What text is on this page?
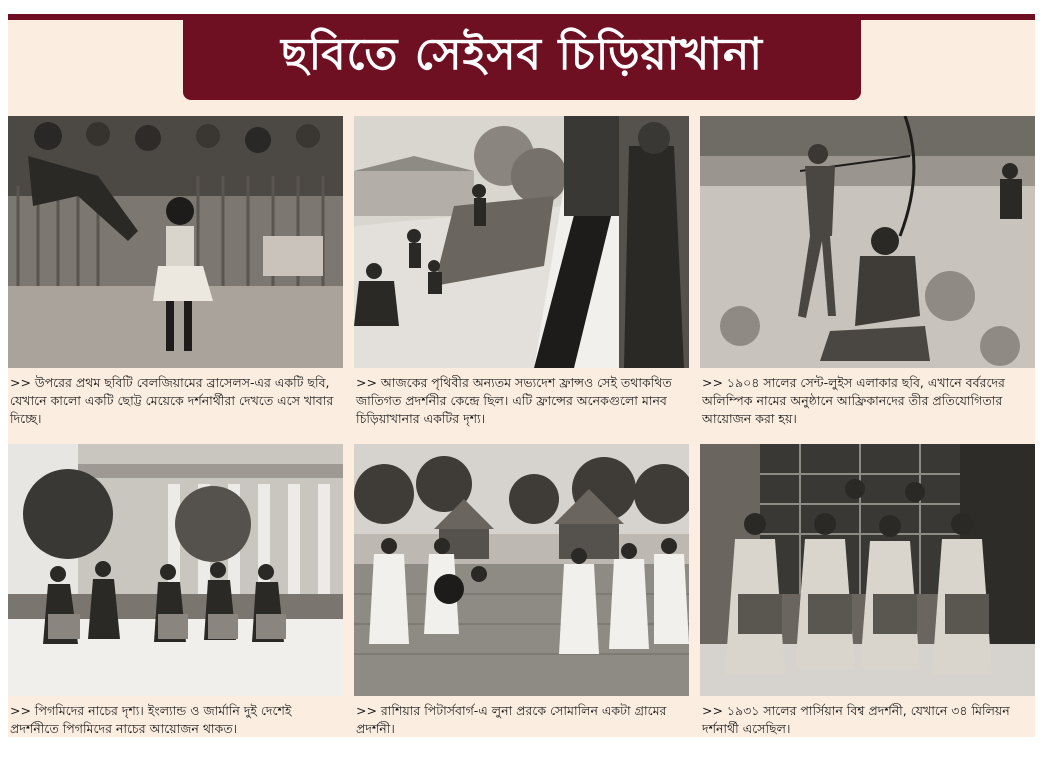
ছবিতে সেইসব চিড়িয়াখানা
>> উপরের প্রথম ছবিটি বেলজিয়ামের ব্রাসেলস-এর একটি ছবি, যেখানে কালো একটি ছোট্ট মেয়েকে দর্শনার্থীরা দেখতে এসে খাবার দিচ্ছে।
>> আজকের পৃথিবীর অন্যতম সভ্যদেশ ফ্রান্সও সেই তথাকথিত জাতিগত প্রদর্শনীর কেন্দ্রে ছিল। এটি ফ্রান্সের অনেকগুলো মানব চিড়িয়াখানার একটির দৃশ্য।
>> ১৯০৪ সালের সেন্ট-লুইস এলাকার ছবি, এখানে বর্বরদের অলিম্পিক নামের অনুষ্ঠানে আফ্রিকানদের তীর প্রতিযোগিতার আয়োজন করা হয়।
>> পিগমিদের নাচের দৃশ্য। ইংল্যান্ড ও জার্মানি দুই দেশেই প্রদর্শনীতে পিগমিদের নাচের আয়োজন থাকত।
>> রাশিয়ার পিটার্সবার্গ-এ লুনা প্ররকে সোমালিন একটা গ্রামের প্রদর্শনী।
>> ১৯৩১ সালের পার্সিয়ান বিশ্ব প্রদর্শনী, যেখানে ৩৪ মিলিয়ন দর্শনার্থী এসেছিল।
